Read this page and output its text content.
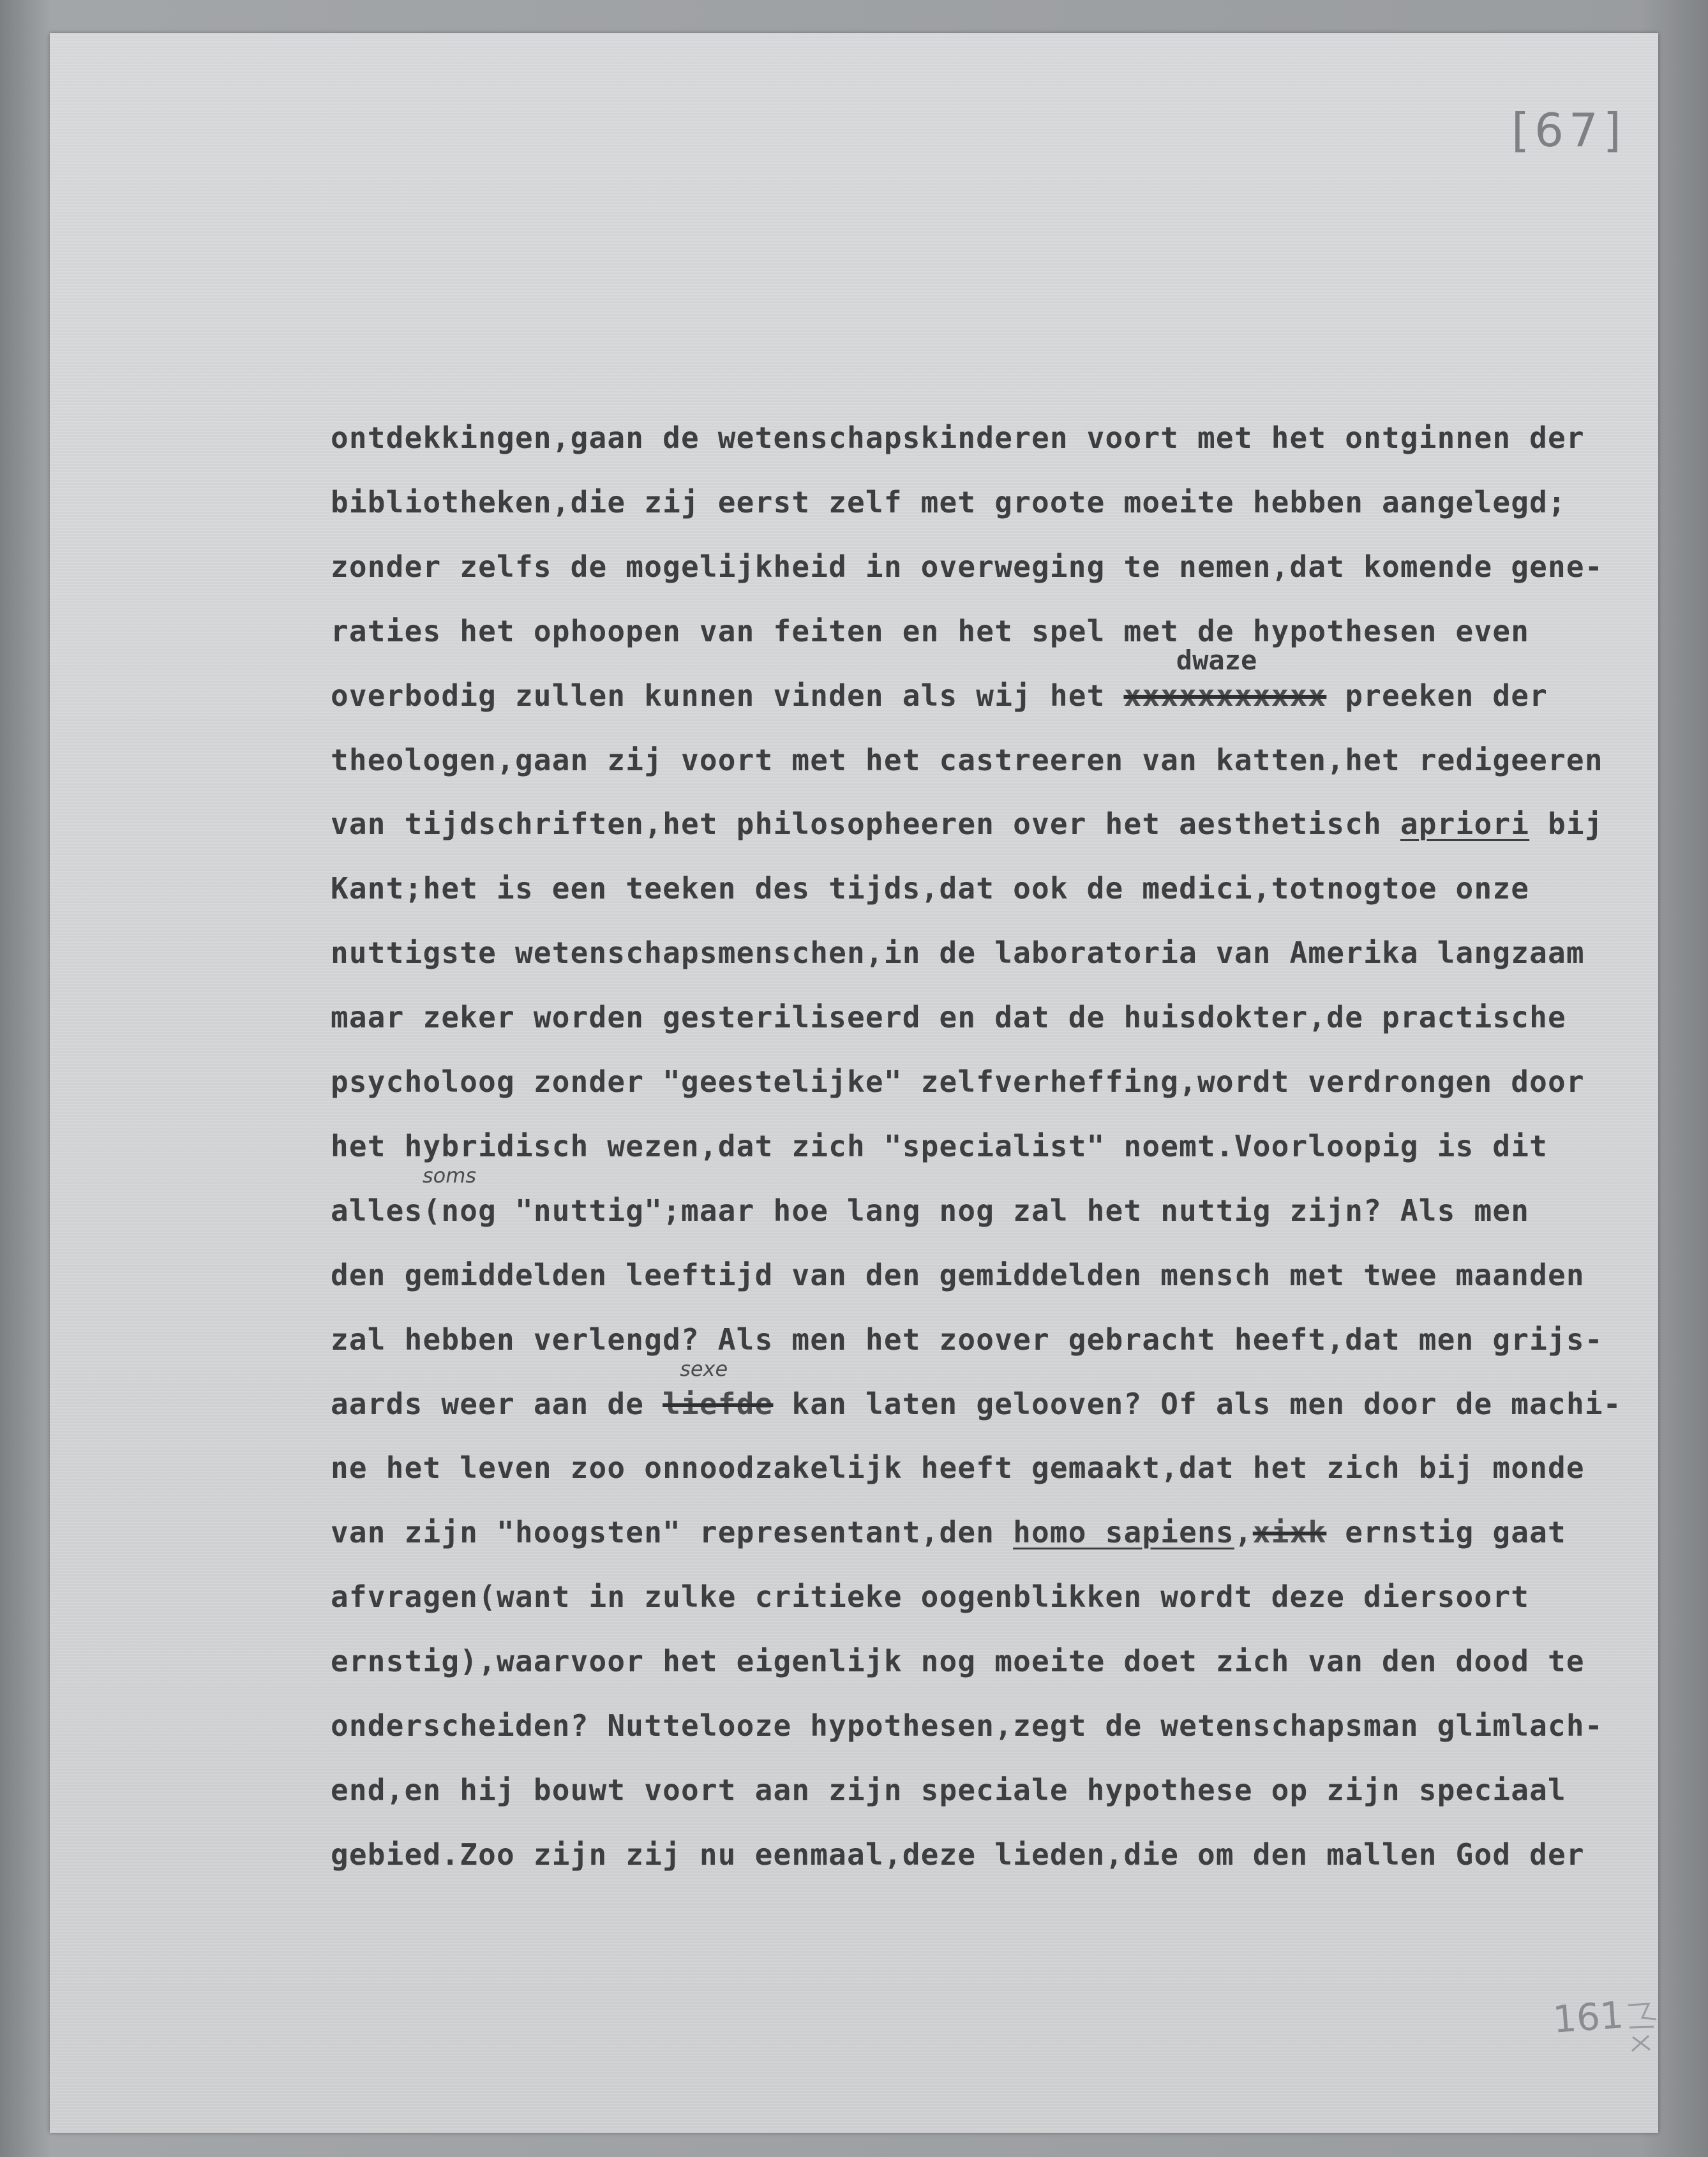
[67]
161
ontdekkingen,gaan de wetenschapskinderen voort met het ontginnen der
bibliotheken,die zij eerst zelf met groote moeite hebben aangelegd;
zonder zelfs de mogelijkheid in overweging te nemen,dat komende gene-
raties het ophoopen van feiten en het spel met de hypothesen even
overbodig zullen kunnen vinden als wij het xxxxxxxxxxx preeken der
theologen,gaan zij voort met het castreeren van katten,het redigeeren
van tijdschriften,het philosopheeren over het aesthetisch apriori bij
Kant;het is een teeken des tijds,dat ook de medici,totnogtoe onze
nuttigste wetenschapsmenschen,in de laboratoria van Amerika langzaam
maar zeker worden gesteriliseerd en dat de huisdokter,de practische
psycholoog zonder "geestelijke" zelfverheffing,wordt verdrongen door
het hybridisch wezen,dat zich "specialist" noemt.Voorloopig is dit
alles(nog "nuttig";maar hoe lang nog zal het nuttig zijn? Als men
den gemiddelden leeftijd van den gemiddelden mensch met twee maanden
zal hebben verlengd? Als men het zoover gebracht heeft,dat men grijs-
aards weer aan de liefde kan laten gelooven? Of als men door de machi-
ne het leven zoo onnoodzakelijk heeft gemaakt,dat het zich bij monde
van zijn "hoogsten" representant,den homo sapiens,xixk ernstig gaat
afvragen(want in zulke critieke oogenblikken wordt deze diersoort
ernstig),waarvoor het eigenlijk nog moeite doet zich van den dood te
onderscheiden? Nuttelooze hypothesen,zegt de wetenschapsman glimlach-
end,en hij bouwt voort aan zijn speciale hypothese op zijn speciaal
gebied.Zoo zijn zij nu eenmaal,deze lieden,die om den mallen God der
dwaze
soms
sexe
